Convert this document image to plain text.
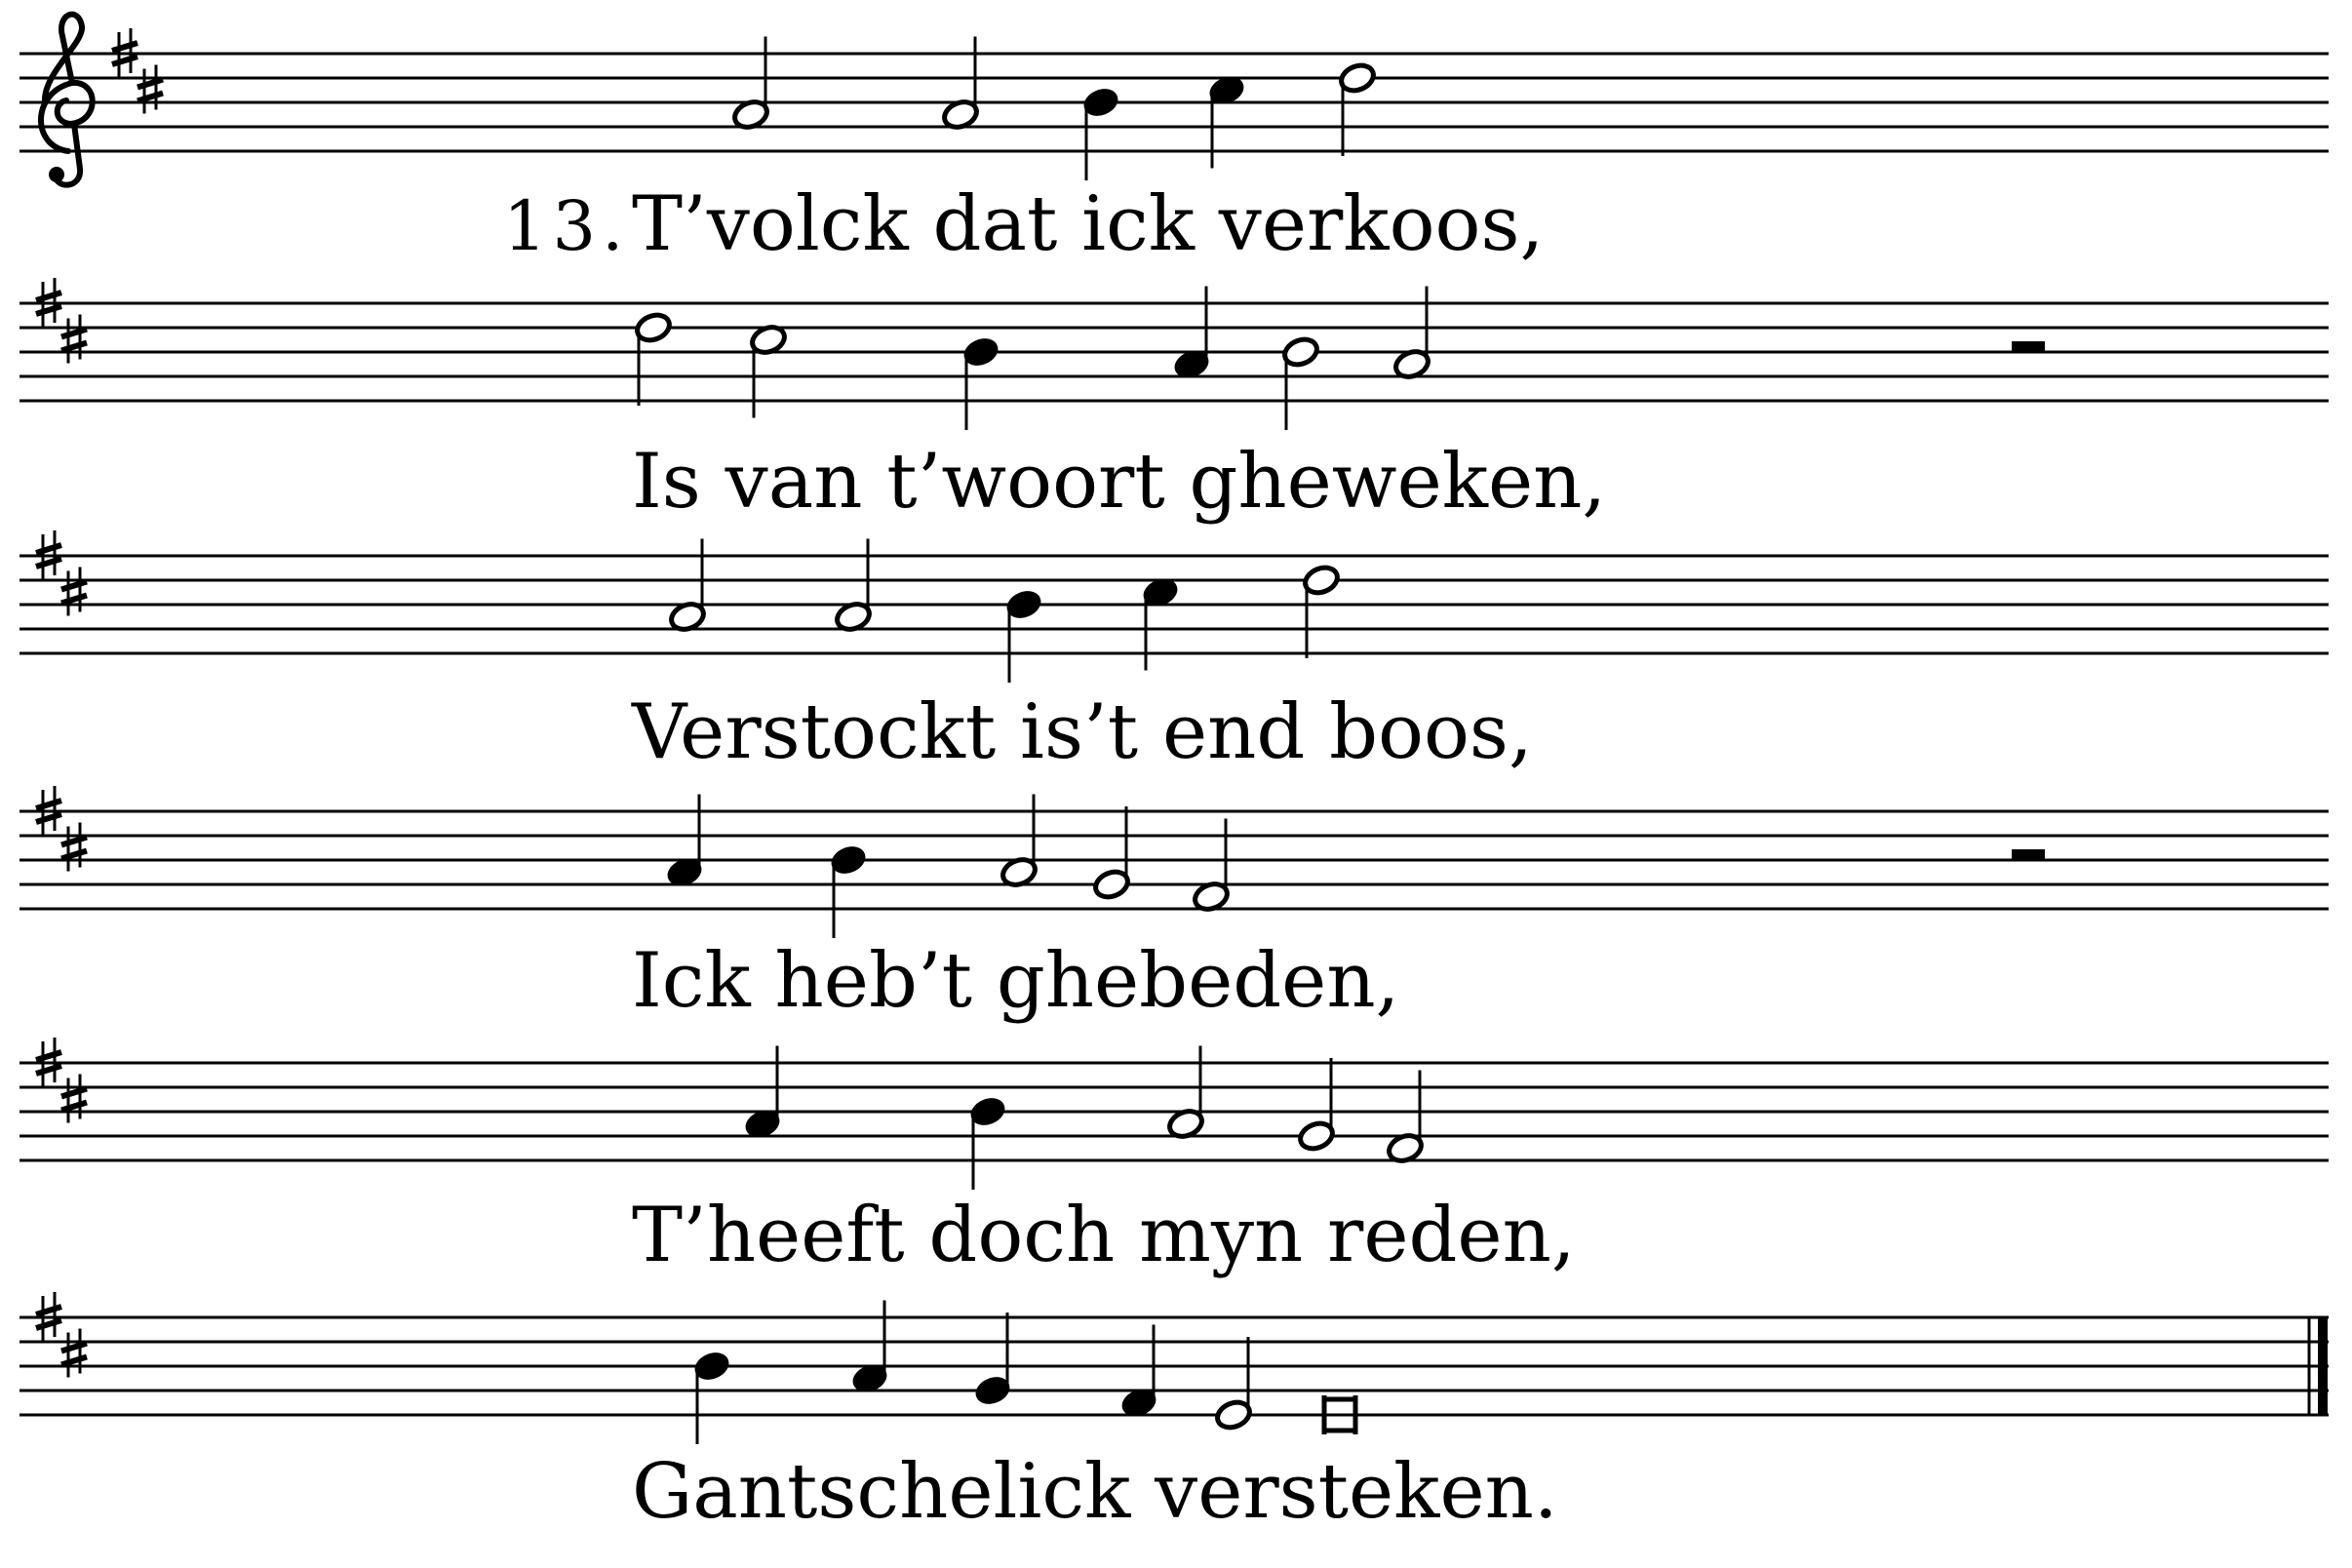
13. T’volck dat ick verkoos,
Is van t’woort gheweken,
Verstockt is’t end boos,
Ick heb’t ghebeden,
T’heeft doch myn reden,
Gantschelick versteken.
